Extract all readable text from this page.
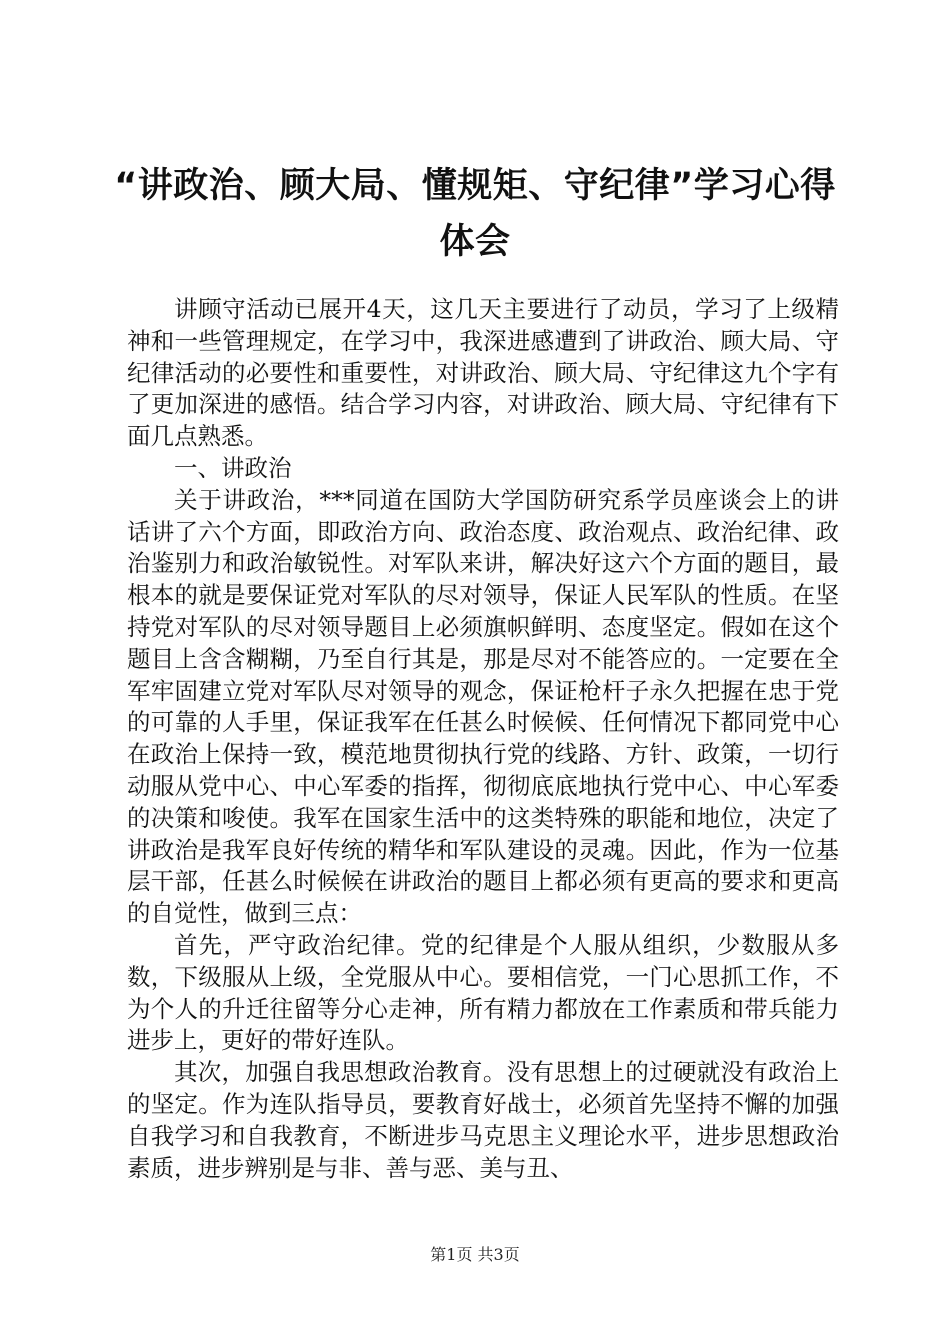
“讲政治、顾大局、懂规矩、守纪律”学习心得体会

讲顾守活动已展开4天，这几天主要进行了动员，学习了上级精神和一些管理规定，在学习中，我深进感遭到了讲政治、顾大局、守纪律活动的必要性和重要性，对讲政治、顾大局、守纪律这九个字有了更加深进的感悟。结合学习内容，对讲政治、顾大局、守纪律有下面几点熟悉。

一、讲政治

关于讲政治，***同道在国防大学国防研究系学员座谈会上的讲话讲了六个方面，即政治方向、政治态度、政治观点、政治纪律、政治鉴别力和政治敏锐性。对军队来讲，解决好这六个方面的题目，最根本的就是要保证党对军队的尽对领导，保证人民军队的性质。在坚持党对军队的尽对领导题目上必须旗帜鲜明、态度坚定。假如在这个题目上含含糊糊，乃至自行其是，那是尽对不能答应的。一定要在全军牢固建立党对军队尽对领导的观念，保证枪杆子永久把握在忠于党的可靠的人手里，保证我军在任甚么时候候、任何情况下都同党中心在政治上保持一致，模范地贯彻执行党的线路、方针、政策，一切行动服从党中心、中心军委的指挥，彻彻底底地执行党中心、中心军委的决策和唆使。我军在国家生活中的这类特殊的职能和地位，决定了讲政治是我军良好传统的精华和军队建设的灵魂。因此，作为一位基层干部，任甚么时候候在讲政治的题目上都必须有更高的要求和更高的自觉性，做到三点：

首先，严守政治纪律。党的纪律是个人服从组织，少数服从多数，下级服从上级，全党服从中心。要相信党，一门心思抓工作，不为个人的升迁往留等分心走神，所有精力都放在工作素质和带兵能力进步上，更好的带好连队。

其次，加强自我思想政治教育。没有思想上的过硬就没有政治上的坚定。作为连队指导员，要教育好战士，必须首先坚持不懈的加强自我学习和自我教育，不断进步马克思主义理论水平，进步思想政治素质，进步辨别是与非、善与恶、美与丑、

第1页 共3页
